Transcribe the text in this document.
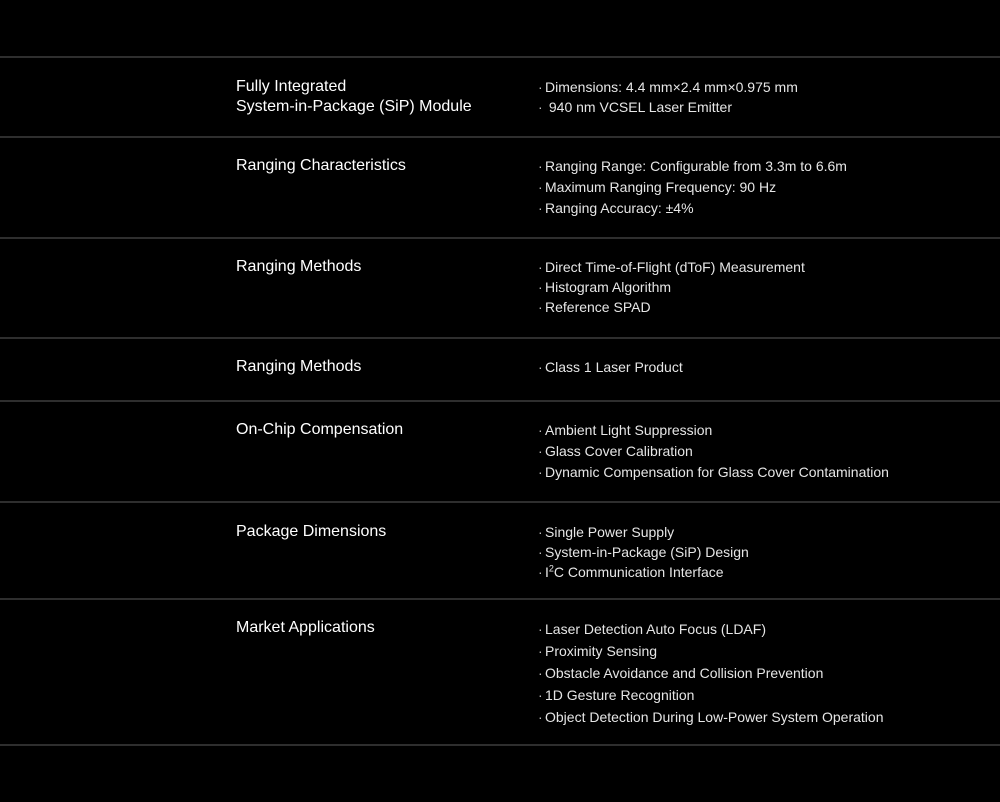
Fully Integrated
System-in-Package (SiP) Module
· Dimensions: 4.4 mm×2.4 mm×0.975 mm
· 940 nm VCSEL Laser Emitter
Ranging Characteristics	· Ranging Range: Configurable from 3.3m to 6.6m
· Maximum Ranging Frequency: 90 Hz
· Ranging Accuracy: ±4%
Ranging Methods	· Direct Time-of-Flight (dToF) Measurement
· Histogram Algorithm
· Reference SPAD
Ranging Methods	· Class 1 Laser Product
On-Chip Compensation	· Ambient Light Suppression
· Glass Cover Calibration
· Dynamic Compensation for Glass Cover Contamination
Package Dimensions	· Single Power Supply
· System-in-Package (SiP) Design
· $I^2C$ Communication Interface
Market Applications	· Laser Detection Auto Focus (LDAF)
· Proximity Sensing
· Obstacle Avoidance and Collision Prevention
· 1D Gesture Recognition
· Object Detection During Low-Power System Operation
